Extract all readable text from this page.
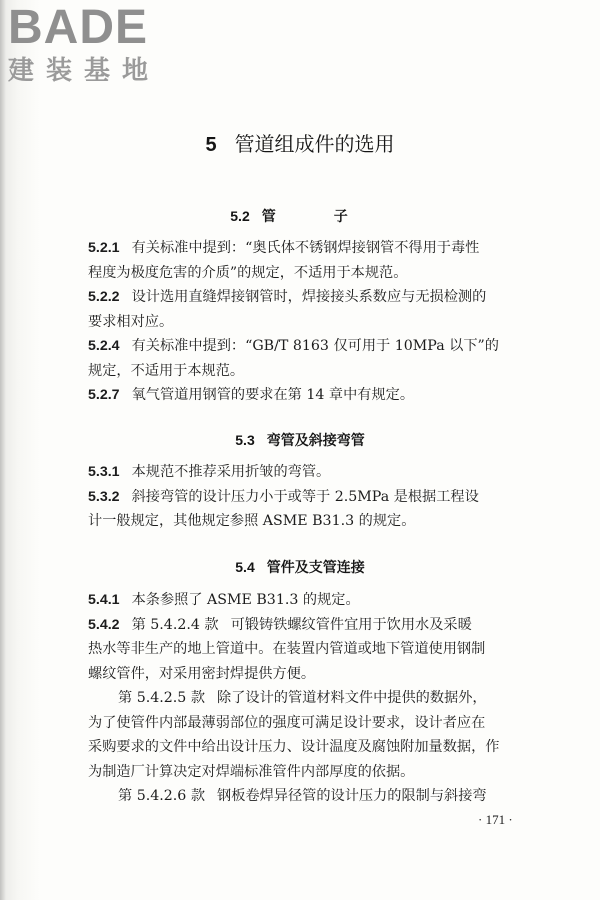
BADE
建装基地
5 管道组成件的选用
5.2 管　子
5.2.1 有关标准中提到：“奥氏体不锈钢焊接钢管不得用于毒性
程度为极度危害的介质”的规定，不适用于本规范。
5.2.2 设计选用直缝焊接钢管时，焊接接头系数应与无损检测的
要求相对应。
5.2.4 有关标准中提到：“GB/T 8163 仅可用于 10MPa 以下”的
规定，不适用于本规范。
5.2.7 氧气管道用钢管的要求在第 14 章中有规定。
5.3 弯管及斜接弯管
5.3.1 本规范不推荐采用折皱的弯管。
5.3.2 斜接弯管的设计压力小于或等于 2.5MPa 是根据工程设
计一般规定，其他规定参照 ASME B31.3 的规定。
5.4 管件及支管连接
5.4.1 本条参照了 ASME B31.3 的规定。
5.4.2 第 5.4.2.4 款 可锻铸铁螺纹管件宜用于饮用水及采暖
热水等非生产的地上管道中。在装置内管道或地下管道使用钢制
螺纹管件，对采用密封焊提供方便。
第 5.4.2.5 款 除了设计的管道材料文件中提供的数据外，
为了使管件内部最薄弱部位的强度可满足设计要求，设计者应在
采购要求的文件中给出设计压力、设计温度及腐蚀附加量数据，作
为制造厂计算决定对焊端标准管件内部厚度的依据。
第 5.4.2.6 款 钢板卷焊异径管的设计压力的限制与斜接弯
· 171 ·
